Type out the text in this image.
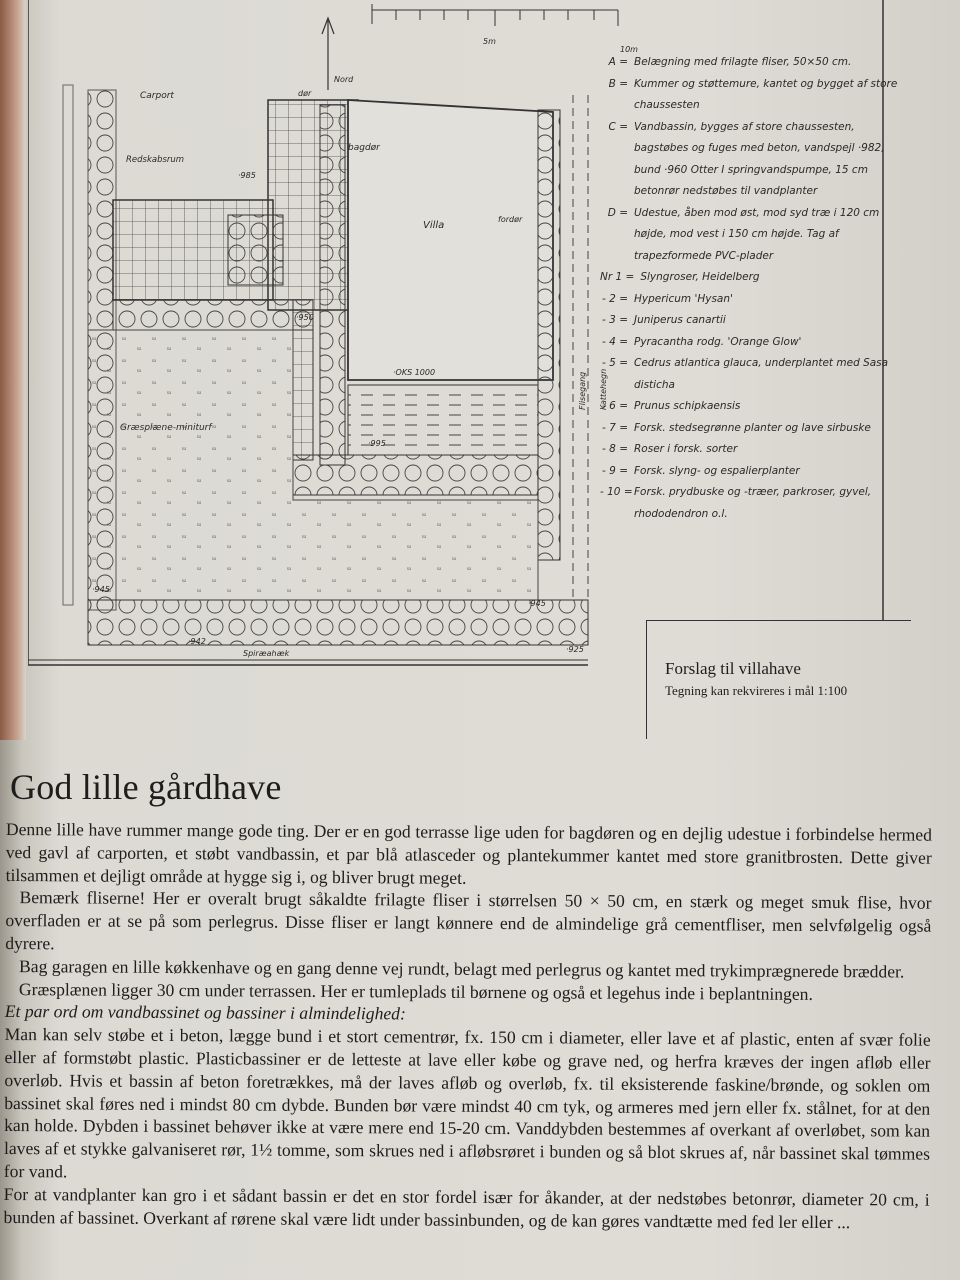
5m
10m
Nord
Carport	dør
bagdør
Redskabsrum
Villa
fordør
·985
·950
·OKS 1000
·995
·945
·945
·942
·925
Græsplæne-miniturf
Spiræahæk
Flisegang Kattehegn
A = Belægning med frilagte fliser, 50×50 cm.
B = Kummer og støttemure, kantet og bygget af store chaussesten
C = Vandbassin, bygges af store chaussesten, bagstøbes og fuges med beton, vandspejl ·982, bund ·960 Otter I springvandspumpe, 15 cm betonrør nedstøbes til vandplanter
D = Udestue, åben mod øst, mod syd træ i 120 cm højde, mod vest i 150 cm højde. Tag af trapezformede PVC-plader
Nr 1 = Slyngroser, Heidelberg
- 2 = Hypericum 'Hysan'
- 3 = Juniperus canartii
- 4 = Pyracantha rodg. 'Orange Glow'
- 5 = Cedrus atlantica glauca, underplantet med Sasa disticha
- 6 = Prunus schipkaensis
- 7 = Forsk. stedsegrønne planter og lave sirbuske
- 8 = Roser i forsk. sorter
- 9 = Forsk. slyng- og espalierplanter
- 10 = Forsk. prydbuske og -træer, parkroser, gyvel, rhododendron o.l.
Forslag til villahave
Tegning kan rekvireres i mål 1:100
God lille gårdhave

Denne lille have rummer mange gode ting. Der er en god terrasse lige uden for bagdøren og en dejlig udestue i forbindelse hermed ved gavl af carporten, et støbt vandbassin, et par blå atlasceder og plantekummer kantet med store granitbrosten. Dette giver tilsammen et dejligt område at hygge sig i, og bliver brugt meget.

Bemærk fliserne! Her er overalt brugt såkaldte frilagte fliser i størrelsen 50 × 50 cm, en stærk og meget smuk flise, hvor overfladen er at se på som perlegrus. Disse fliser er langt kønnere end de almindelige grå cementfliser, men selvfølgelig også dyrere.

Bag garagen en lille køkkenhave og en gang denne vej rundt, belagt med perlegrus og kantet med trykimprægnerede brædder.

Græsplænen ligger 30 cm under terrassen. Her er tumleplads til børnene og også et legehus inde i beplantningen.

Et par ord om vandbassinet og bassiner i almindelighed:

Man kan selv støbe et i beton, lægge bund i et stort cementrør, fx. 150 cm i diameter, eller lave et af plastic, enten af svær folie eller af formstøbt plastic. Plasticbassiner er de letteste at lave eller købe og grave ned, og herfra kræves der ingen afløb eller overløb. Hvis et bassin af beton foretrækkes, må der laves afløb og overløb, fx. til eksisterende faskine/brønde, og soklen om bassinet skal føres ned i mindst 80 cm dybde. Bunden bør være mindst 40 cm tyk, og armeres med jern eller fx. stålnet, for at den kan holde. Dybden i bassinet behøver ikke at være mere end 15-20 cm. Vanddybden bestemmes af overkant af overløbet, som kan laves af et stykke galvaniseret rør, 1½ tomme, som skrues ned i afløbsrøret i bunden og så blot skrues af, når bassinet skal tømmes for vand.

For at vandplanter kan gro i et sådant bassin er det en stor fordel især for åkander, at der nedstøbes betonrør, diameter 20 cm, i bunden af bassinet. Overkant af rørene skal være lidt under bassinbunden, og de kan gøres vandtætte med fed ler eller ...
